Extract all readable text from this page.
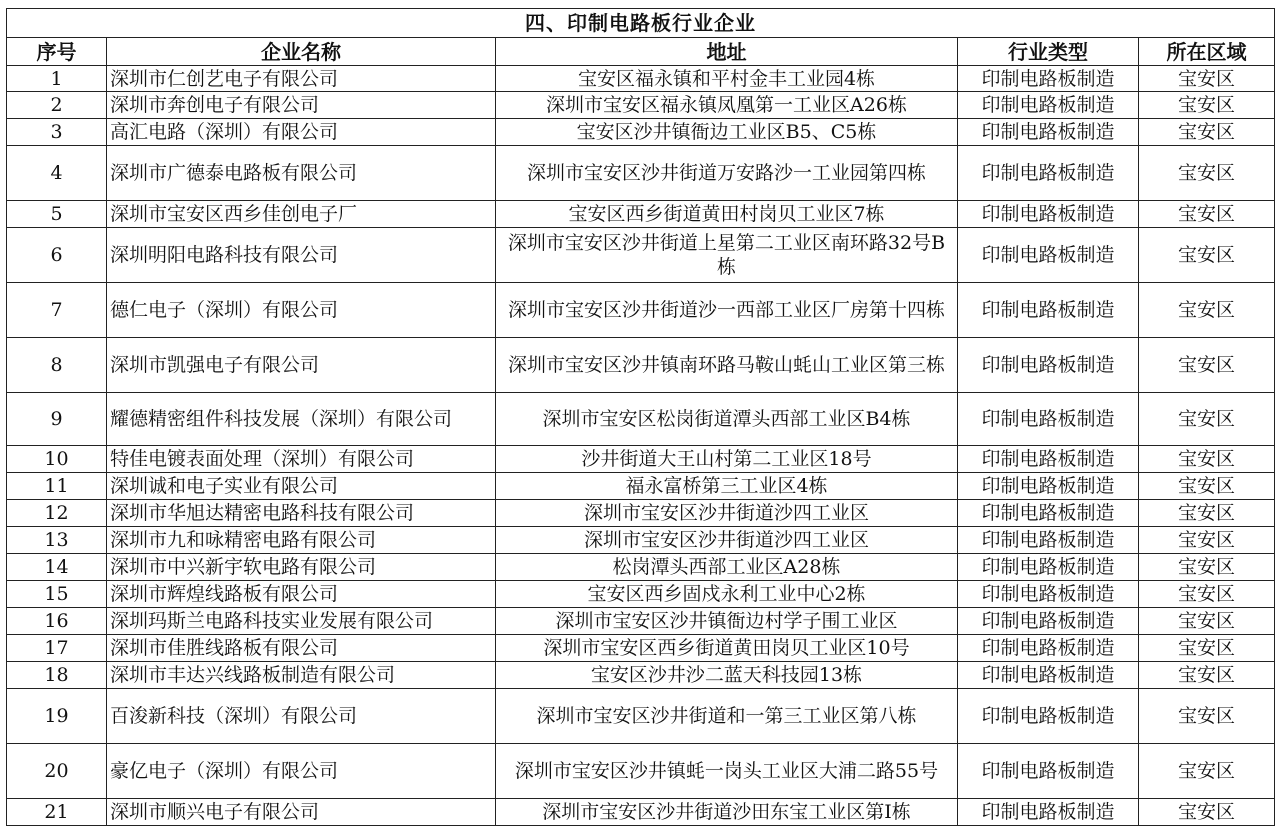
四、印制电路板行业企业				
序号	企业名称	地址	行业类型	所在区域
1	深圳市仁创艺电子有限公司	宝安区福永镇和平村金丰工业园4栋	印制电路板制造	宝安区
2	深圳市奔创电子有限公司	深圳市宝安区福永镇凤凰第一工业区A26栋	印制电路板制造	宝安区
3	高汇电路（深圳）有限公司	宝安区沙井镇衙边工业区B5、C5栋	印制电路板制造	宝安区
4	深圳市广德泰电路板有限公司	深圳市宝安区沙井街道万安路沙一工业园第四栋	印制电路板制造	宝安区
5	深圳市宝安区西乡佳创电子厂	宝安区西乡街道黄田村岗贝工业区7栋	印制电路板制造	宝安区
6	深圳明阳电路科技有限公司	深圳市宝安区沙井街道上星第二工业区南环路32号B栋	印制电路板制造	宝安区
7	德仁电子（深圳）有限公司	深圳市宝安区沙井街道沙一西部工业区厂房第十四栋	印制电路板制造	宝安区
8	深圳市凯强电子有限公司	深圳市宝安区沙井镇南环路马鞍山蚝山工业区第三栋	印制电路板制造	宝安区
9	耀德精密组件科技发展（深圳）有限公司	深圳市宝安区松岗街道潭头西部工业区B4栋	印制电路板制造	宝安区
10	特佳电镀表面处理（深圳）有限公司	沙井街道大王山村第二工业区18号	印制电路板制造	宝安区
11	深圳诚和电子实业有限公司	福永富桥第三工业区4栋	印制电路板制造	宝安区
12	深圳市华旭达精密电路科技有限公司	深圳市宝安区沙井街道沙四工业区	印制电路板制造	宝安区
13	深圳市九和咏精密电路有限公司	深圳市宝安区沙井街道沙四工业区	印制电路板制造	宝安区
14	深圳市中兴新宇软电路有限公司	松岗潭头西部工业区A28栋	印制电路板制造	宝安区
15	深圳市辉煌线路板有限公司	宝安区西乡固戍永利工业中心2栋	印制电路板制造	宝安区
16	深圳玛斯兰电路科技实业发展有限公司	深圳市宝安区沙井镇衙边村学子围工业区	印制电路板制造	宝安区
17	深圳市佳胜线路板有限公司	深圳市宝安区西乡街道黄田岗贝工业区10号	印制电路板制造	宝安区
18	深圳市丰达兴线路板制造有限公司	宝安区沙井沙二蓝天科技园13栋	印制电路板制造	宝安区
19	百浚新科技（深圳）有限公司	深圳市宝安区沙井街道和一第三工业区第八栋	印制电路板制造	宝安区
20	豪亿电子（深圳）有限公司	深圳市宝安区沙井镇蚝一岗头工业区大浦二路55号	印制电路板制造	宝安区
21	深圳市顺兴电子有限公司	深圳市宝安区沙井街道沙田东宝工业区第I栋	印制电路板制造	宝安区
